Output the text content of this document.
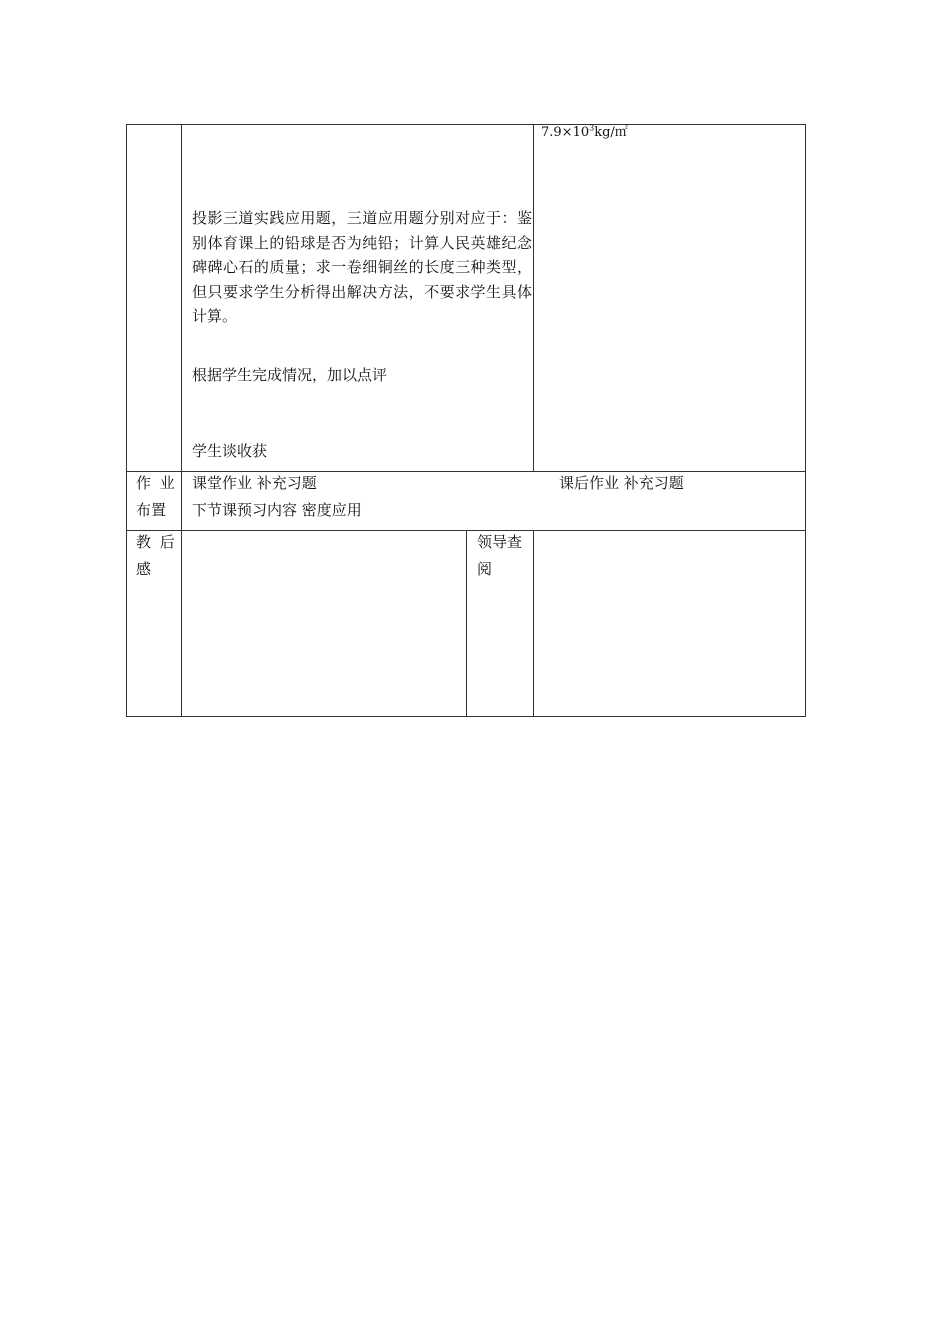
$7.9\times 10^3kg/㎡$
投影三道实践应用题，三道应用题分别对应于：鉴别体育课上的铅球是否为纯铅；计算人民英雄纪念碑碑心石的质量；求一卷细铜丝的长度三种类型，但只要求学生分析得出解决方法，不要求学生具体计算。
根据学生完成情况，加以点评
学生谈收获
作 业
布置
课堂作业 补充习题	课后作业 补充习题
下节课预习内容 密度应用
教 后
感
领导查
阅
